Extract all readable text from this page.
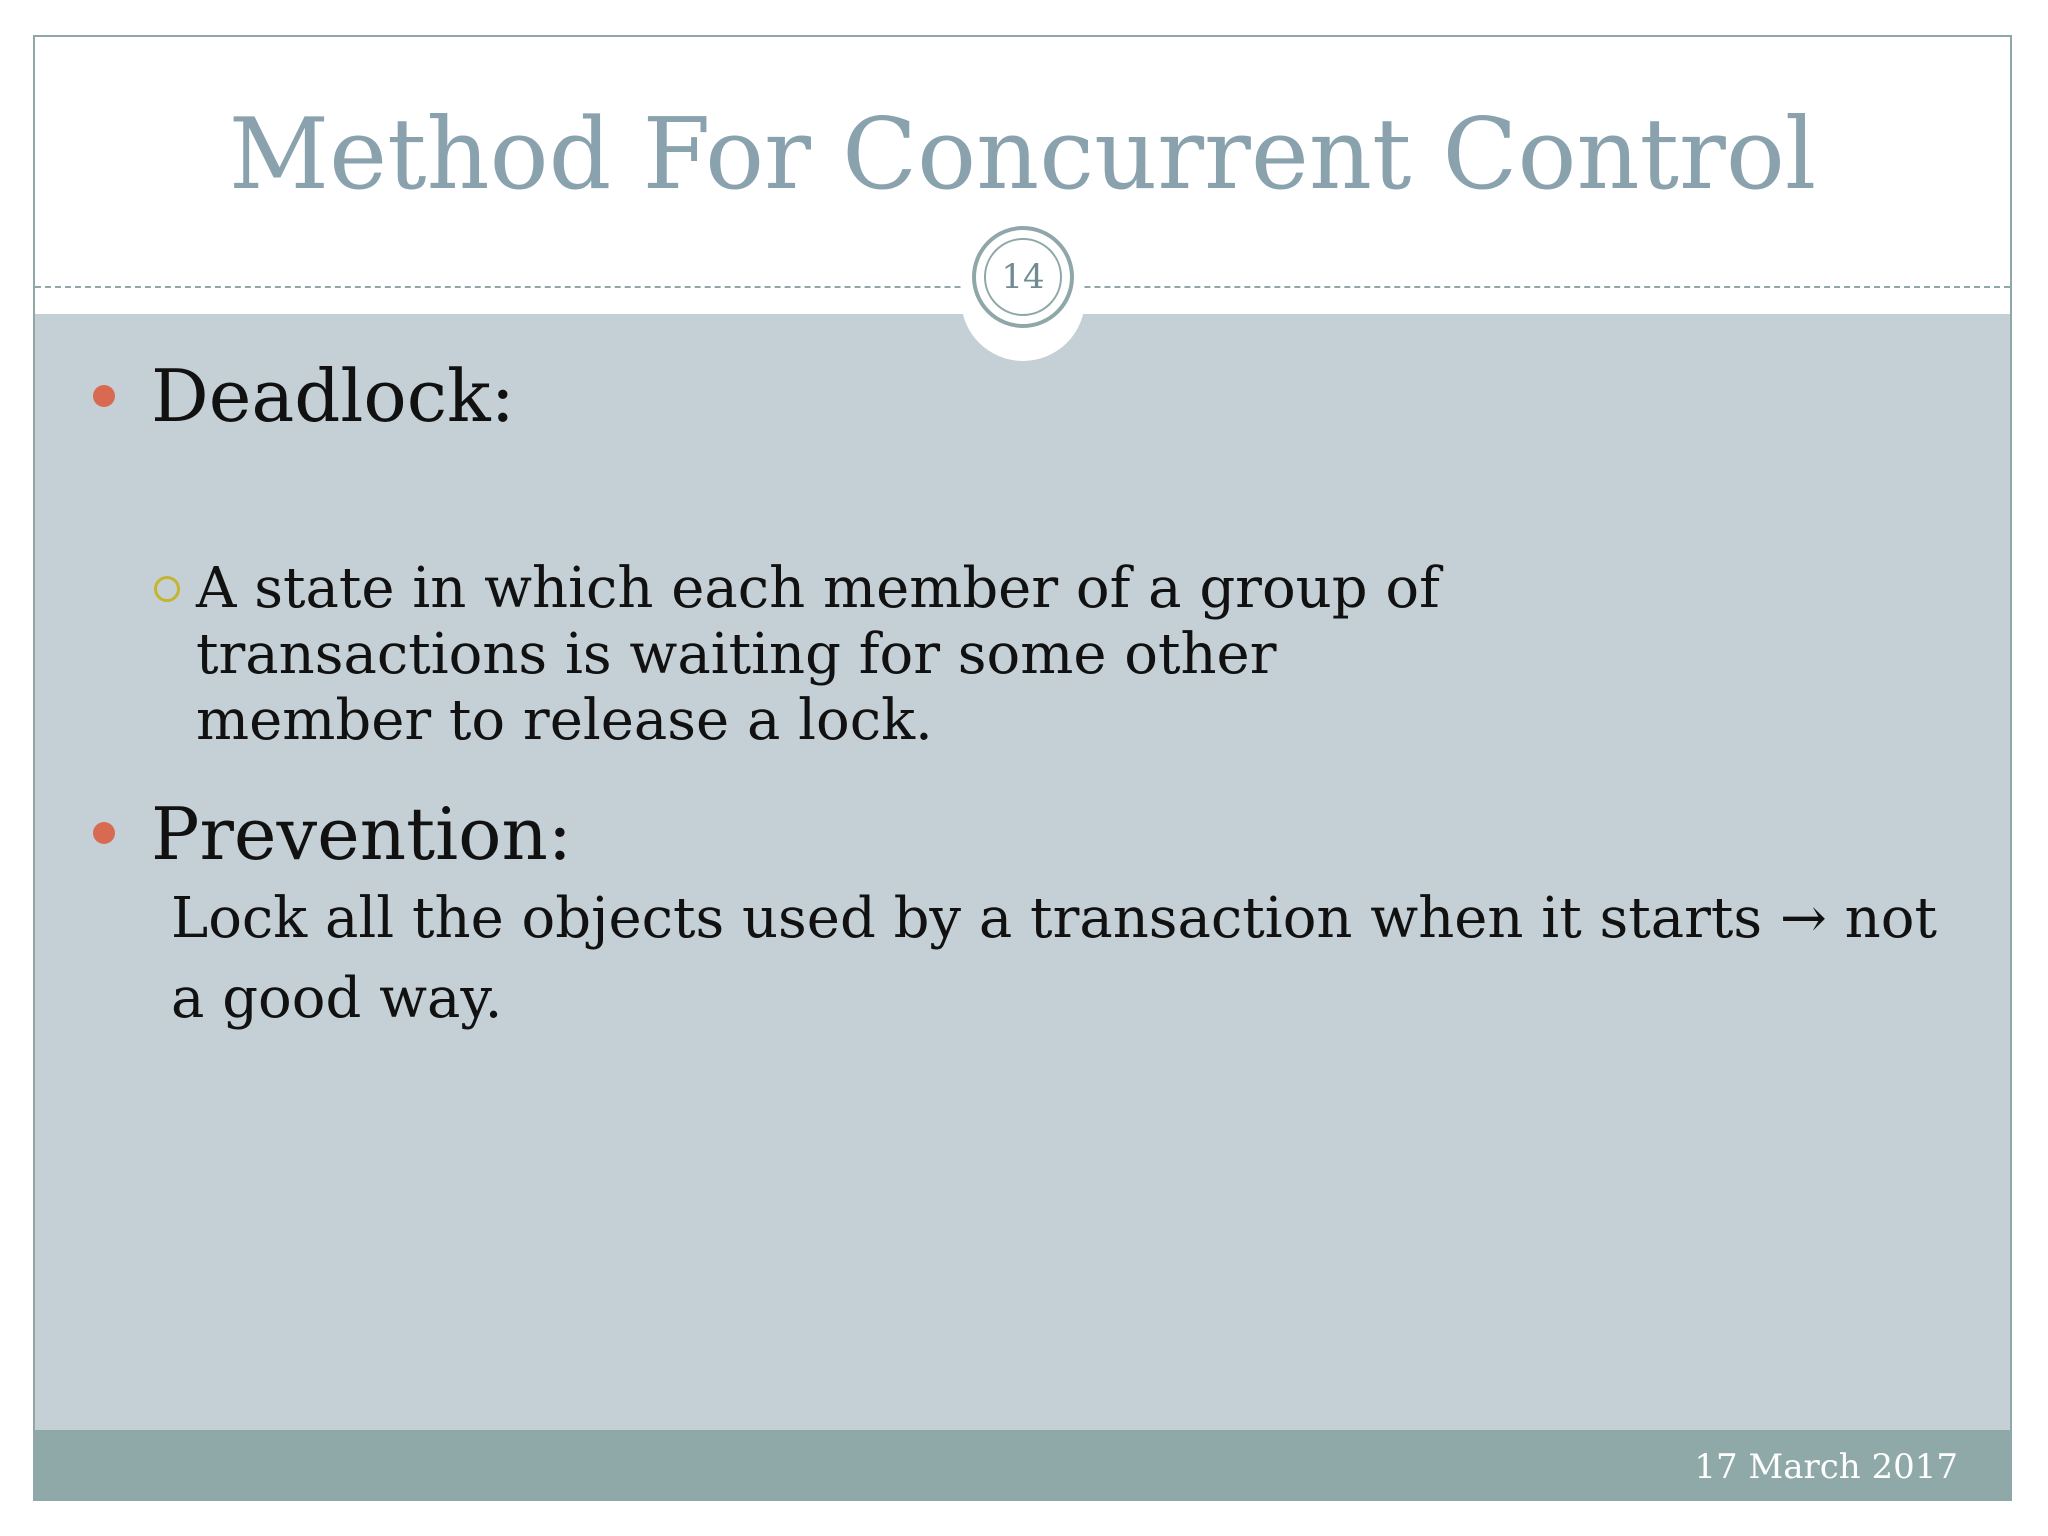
Method For Concurrent Control
14
Deadlock:
A state in which each member of a group of transactions is waiting for some other member to release a lock.
Prevention:
Lock all the objects used by a transaction when it starts → not
a good way.
17 March 2017
